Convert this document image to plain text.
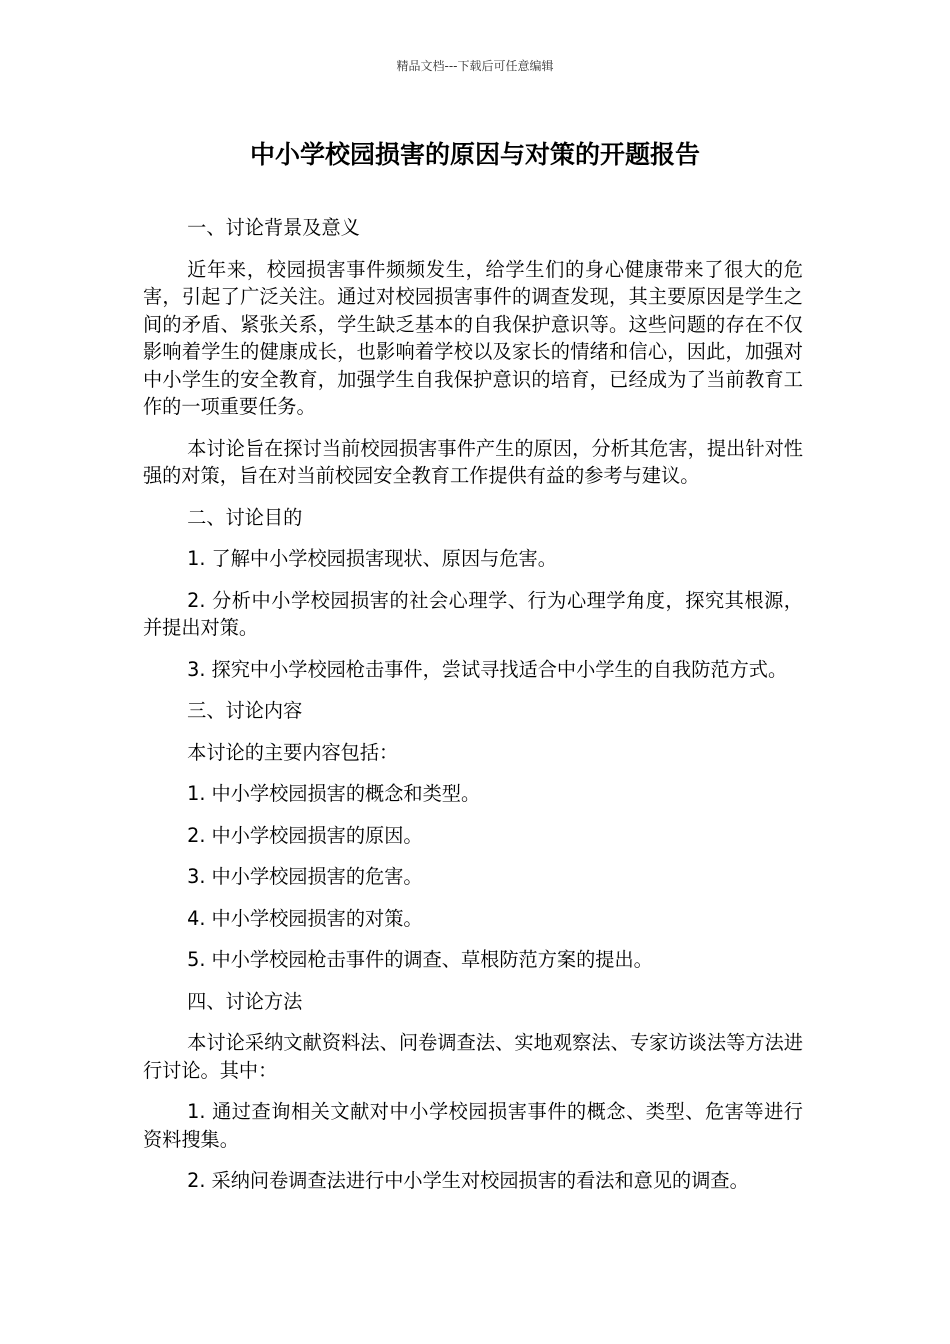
精品文档---下载后可任意编辑
中小学校园损害的原因与对策的开题报告

一、讨论背景及意义

近年来，校园损害事件频频发生，给学生们的身心健康带来了很大的危害，引起了广泛关注。通过对校园损害事件的调查发现，其主要原因是学生之间的矛盾、紧张关系，学生缺乏基本的自我保护意识等。这些问题的存在不仅影响着学生的健康成长，也影响着学校以及家长的情绪和信心，因此，加强对中小学生的安全教育，加强学生自我保护意识的培育，已经成为了当前教育工作的一项重要任务。

本讨论旨在探讨当前校园损害事件产生的原因，分析其危害，提出针对性强的对策，旨在对当前校园安全教育工作提供有益的参考与建议。

二、讨论目的

1. 了解中小学校园损害现状、原因与危害。

2. 分析中小学校园损害的社会心理学、行为心理学角度，探究其根源，并提出对策。

3. 探究中小学校园枪击事件，尝试寻找适合中小学生的自我防范方式。

三、讨论内容

本讨论的主要内容包括：

1. 中小学校园损害的概念和类型。

2. 中小学校园损害的原因。

3. 中小学校园损害的危害。

4. 中小学校园损害的对策。

5. 中小学校园枪击事件的调查、草根防范方案的提出。

四、讨论方法

本讨论采纳文献资料法、问卷调查法、实地观察法、专家访谈法等方法进行讨论。其中：

1. 通过查询相关文献对中小学校园损害事件的概念、类型、危害等进行资料搜集。

2. 采纳问卷调查法进行中小学生对校园损害的看法和意见的调查。
